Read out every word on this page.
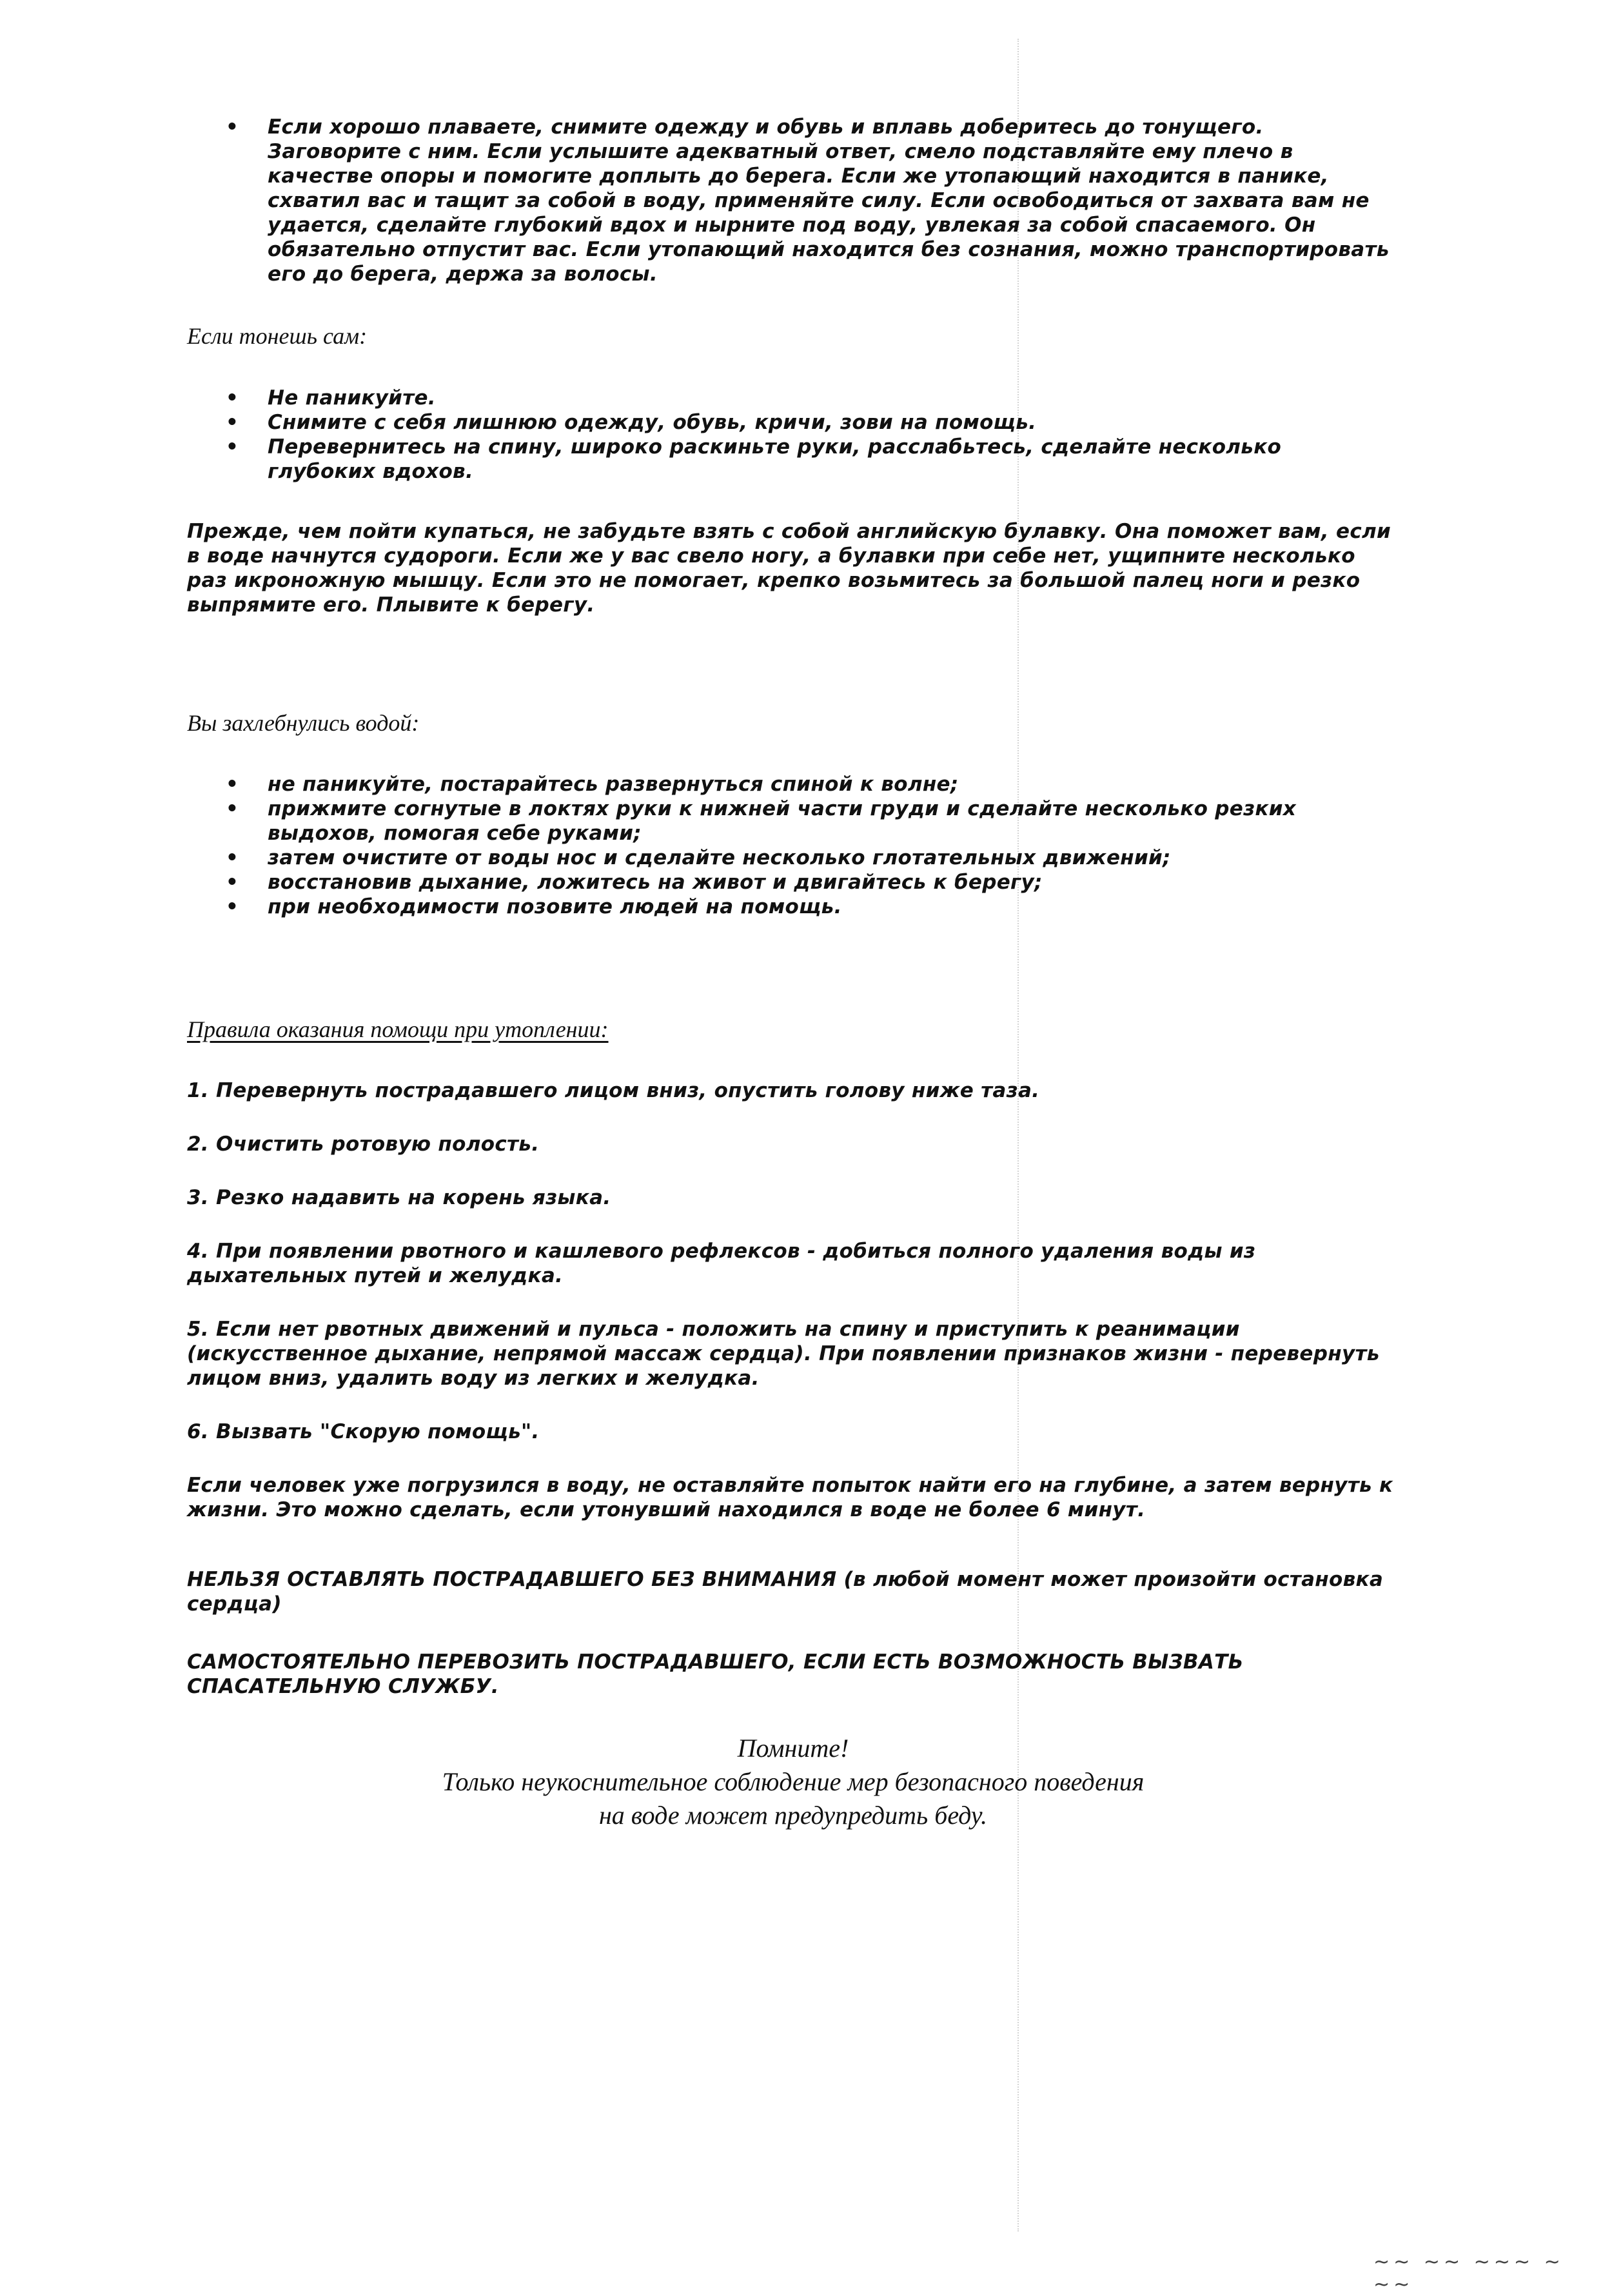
• Если хорошо плаваете, снимите одежду и обувь и вплавь доберитесь до тонущего. Заговорите с ним. Если услышите адекватный ответ, смело подставляйте ему плечо в качестве опоры и помогите доплыть до берега. Если же утопающий находится в панике, схватил вас и тащит за собой в воду, применяйте силу. Если освободиться от захвата вам не удается, сделайте глубокий вдох и нырните под воду, увлекая за собой спасаемого. Он обязательно отпустит вас. Если утопающий находится без сознания, можно транспортировать его до берега, держа за волосы.
Если тонешь сам:
• Не паникуйте.
• Снимите с себя лишнюю одежду, обувь, кричи, зови на помощь.
• Перевернитесь на спину, широко раскиньте руки, расслабьтесь, сделайте несколько глубоких вдохов.

Прежде, чем пойти купаться, не забудьте взять с собой английскую булавку. Она поможет вам, если в воде начнутся судороги. Если же у вас свело ногу, а булавки при себе нет, ущипните несколько раз икроножную мышцу. Если это не помогает, крепко возьмитесь за большой палец ноги и резко выпрямите его. Плывите к берегу.

Вы захлебнулись водой:
• не паникуйте, постарайтесь развернуться спиной к волне;
• прижмите согнутые в локтях руки к нижней части груди и сделайте несколько резких выдохов, помогая себе руками;
• затем очистите от воды нос и сделайте несколько глотательных движений;
• восстановив дыхание, ложитесь на живот и двигайтесь к берегу;
• при необходимости позовите людей на помощь.
Правила оказания помощи при утоплении:

1. Перевернуть пострадавшего лицом вниз, опустить голову ниже таза.

2. Очистить ротовую полость.

3. Резко надавить на корень языка.

4. При появлении рвотного и кашлевого рефлексов - добиться полного удаления воды из дыхательных путей и желудка.

5. Если нет рвотных движений и пульса - положить на спину и приступить к реанимации (искусственное дыхание, непрямой массаж сердца). При появлении признаков жизни - перевернуть лицом вниз, удалить воду из легких и желудка.

6. Вызвать "Скорую помощь".

Если человек уже погрузился в воду, не оставляйте попыток найти его на глубине, а затем вернуть к жизни. Это можно сделать, если утонувший находился в воде не более 6 минут.

НЕЛЬЗЯ ОСТАВЛЯТЬ ПОСТРАДАВШЕГО БЕЗ ВНИМАНИЯ (в любой момент может произойти остановка сердца)

САМОСТОЯТЕЛЬНО ПЕРЕВОЗИТЬ ПОСТРАДАВШЕГО, ЕСЛИ ЕСТЬ ВОЗМОЖНОСТЬ ВЫЗВАТЬ СПАСАТЕЛЬНУЮ СЛУЖБУ.

Помните!
Только неукоснительное соблюдение мер безопасного поведения
на воде может предупредить беду.
~~ ~~ ~~~ ~ ~~
